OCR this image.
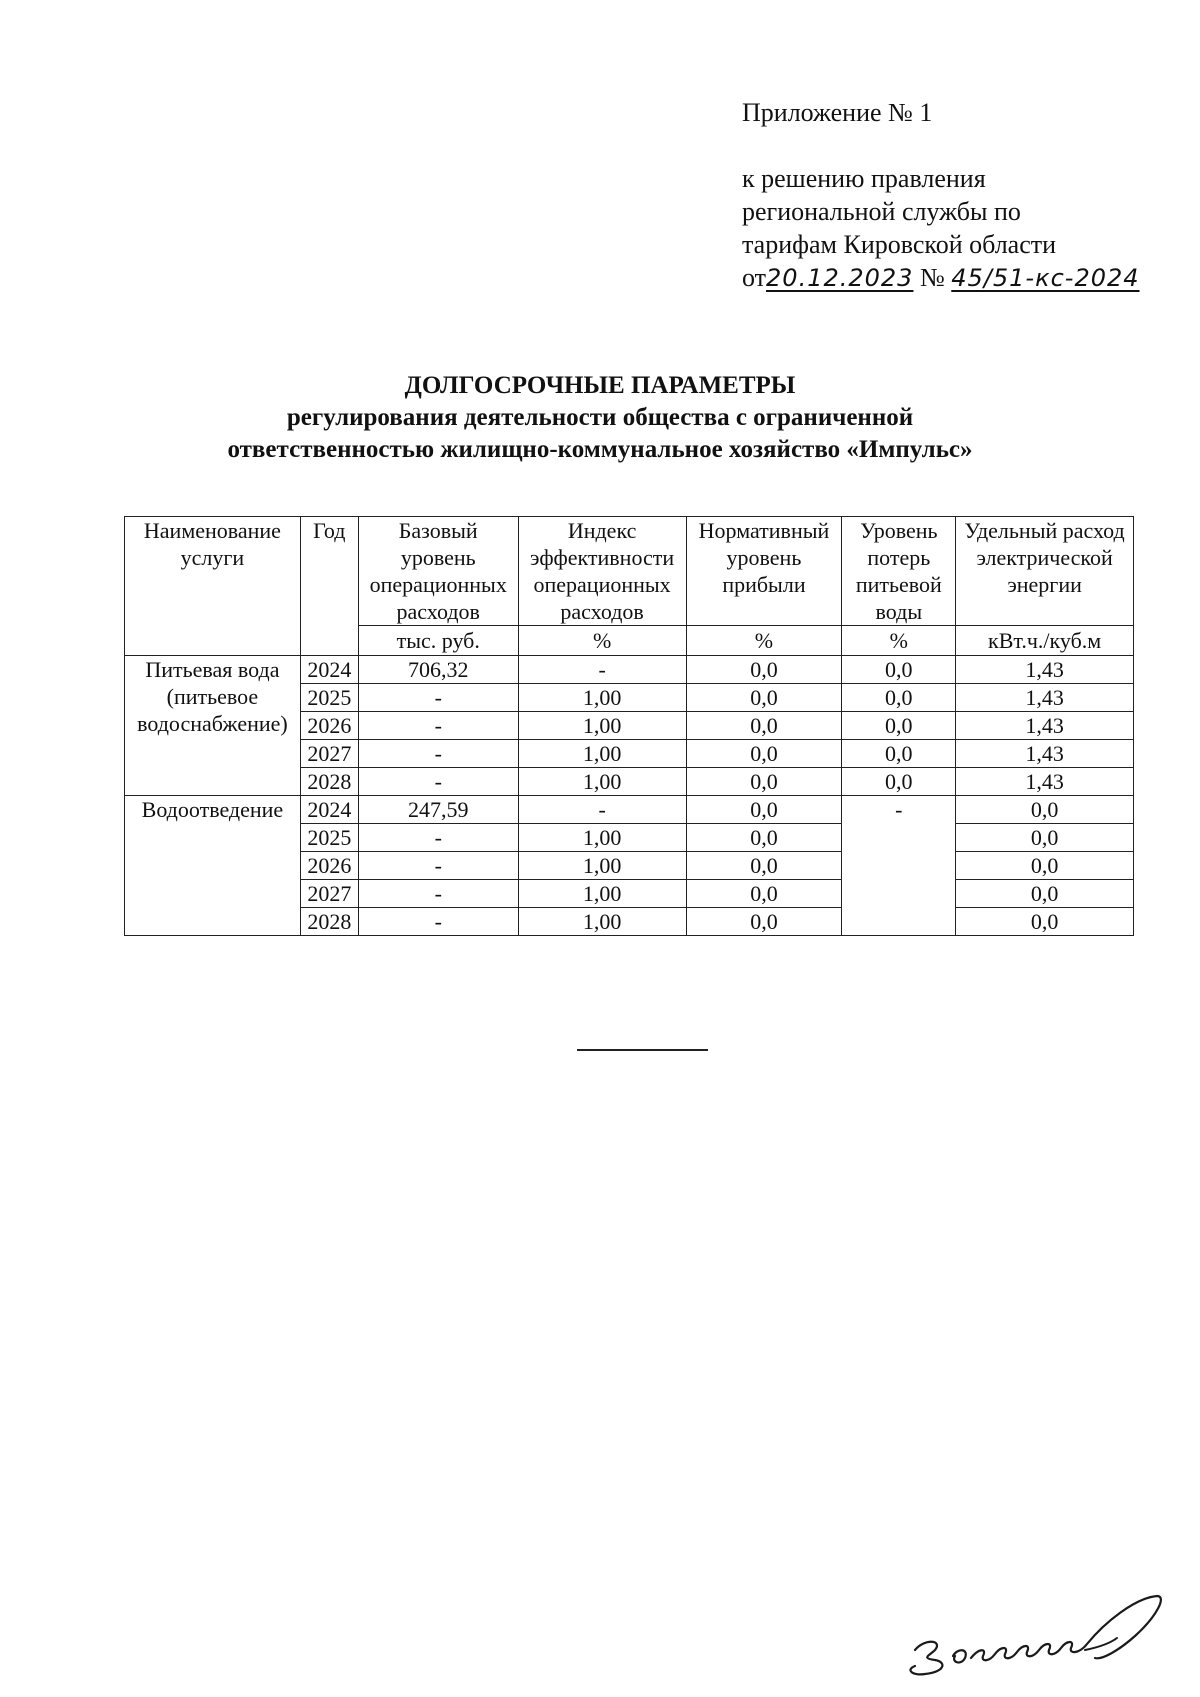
Приложение № 1
к решению правления
региональной службы по
тарифам Кировской области
от20.12.2023 № 45/51-кс-2024
ДОЛГОСРОЧНЫЕ ПАРАМЕТРЫ
регулирования деятельности общества с ограниченной
ответственностью жилищно-коммунальное хозяйство «Импульс»
Наименование услуги	Год	Базовый уровень операционных расходов	Индекс эффективности операционных расходов	Нормативный уровень прибыли	Уровень потерь питьевой воды	Удельный расход электрической энергии
		тыс. руб.	%	%	%	кВт.ч./куб.м
Питьевая вода (питьевое водоснабжение)	2024	706,32	-	0,0	0,0	1,43
	2025	-	1,00	0,0	0,0	1,43
	2026	-	1,00	0,0	0,0	1,43
	2027	-	1,00	0,0	0,0	1,43
	2028	-	1,00	0,0	0,0	1,43
Водоотведение	2024	247,59	-	0,0	-	0,0
	2025	-	1,00	0,0		0,0
	2026	-	1,00	0,0		0,0
	2027	-	1,00	0,0		0,0
	2028	-	1,00	0,0		0,0
